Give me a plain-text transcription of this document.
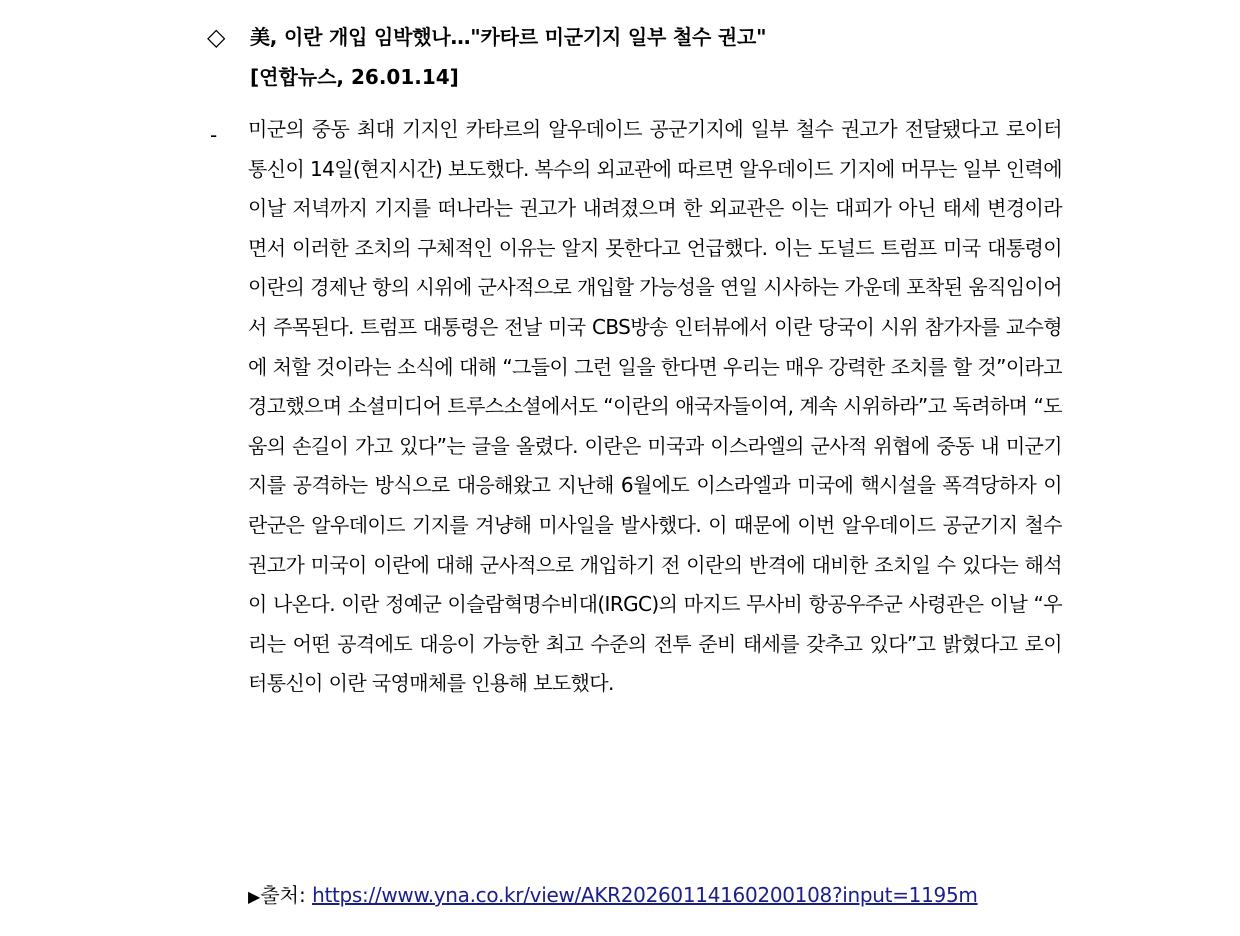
◇ 美, 이란 개입 임박했나…"카타르 미군기지 일부 철수 권고"
[연합뉴스, 26.01.14]
- 미군의 중동 최대 기지인 카타르의 알우데이드 공군기지에 일부 철수 권고가 전달됐다고 로이터 통신이 14일(현지시간) 보도했다. 복수의 외교관에 따르면 알우데이드 기지에 머무는 일부 인력에 이날 저녁까지 기지를 떠나라는 권고가 내려졌으며 한 외교관은 이는 대피가 아닌 태세 변경이라면서 이러한 조치의 구체적인 이유는 알지 못한다고 언급했다. 이는 도널드 트럼프 미국 대통령이 이란의 경제난 항의 시위에 군사적으로 개입할 가능성을 연일 시사하는 가운데 포착된 움직임이어서 주목된다. 트럼프 대통령은 전날 미국 CBS방송 인터뷰에서 이란 당국이 시위 참가자를 교수형에 처할 것이라는 소식에 대해 “그들이 그런 일을 한다면 우리는 매우 강력한 조치를 할 것”이라고 경고했으며 소셜미디어 트루스소셜에서도 “이란의 애국자들이여, 계속 시위하라”고 독려하며 “도움의 손길이 가고 있다”는 글을 올렸다. 이란은 미국과 이스라엘의 군사적 위협에 중동 내 미군기지를 공격하는 방식으로 대응해왔고 지난해 6월에도 이스라엘과 미국에 핵시설을 폭격당하자 이란군은 알우데이드 기지를 겨냥해 미사일을 발사했다. 이 때문에 이번 알우데이드 공군기지 철수 권고가 미국이 이란에 대해 군사적으로 개입하기 전 이란의 반격에 대비한 조치일 수 있다는 해석이 나온다. 이란 정예군 이슬람혁명수비대(IRGC)의 마지드 무사비 항공우주군 사령관은 이날 “우리는 어떤 공격에도 대응이 가능한 최고 수준의 전투 준비 태세를 갖추고 있다”고 밝혔다고 로이터통신이 이란 국영매체를 인용해 보도했다.

▶출처: https://www.yna.co.kr/view/AKR20260114160200108?input=1195m
